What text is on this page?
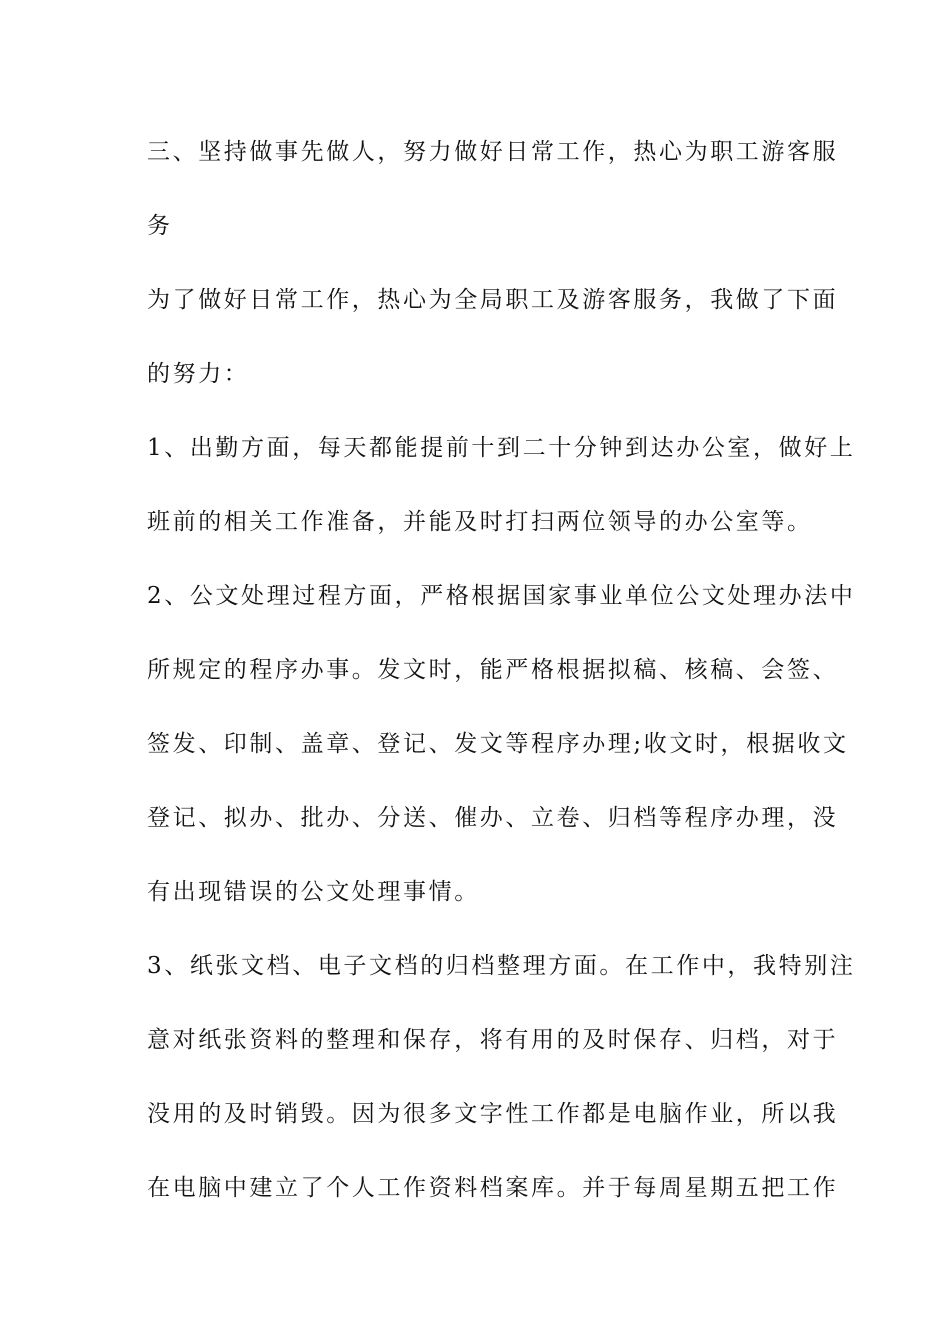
三、坚持做事先做人，努力做好日常工作，热心为职工游客服
务
为了做好日常工作，热心为全局职工及游客服务，我做了下面
的努力：
1、出勤方面，每天都能提前十到二十分钟到达办公室，做好上
班前的相关工作准备，并能及时打扫两位领导的办公室等。
2、公文处理过程方面，严格根据国家事业单位公文处理办法中
所规定的程序办事。发文时，能严格根据拟稿、核稿、会签、
签发、印制、盖章、登记、发文等程序办理;收文时，根据收文
登记、拟办、批办、分送、催办、立卷、归档等程序办理，没
有出现错误的公文处理事情。
3、纸张文档、电子文档的归档整理方面。在工作中，我特别注
意对纸张资料的整理和保存，将有用的及时保存、归档，对于
没用的及时销毁。因为很多文字性工作都是电脑作业，所以我
在电脑中建立了个人工作资料档案库。并于每周星期五把工作
